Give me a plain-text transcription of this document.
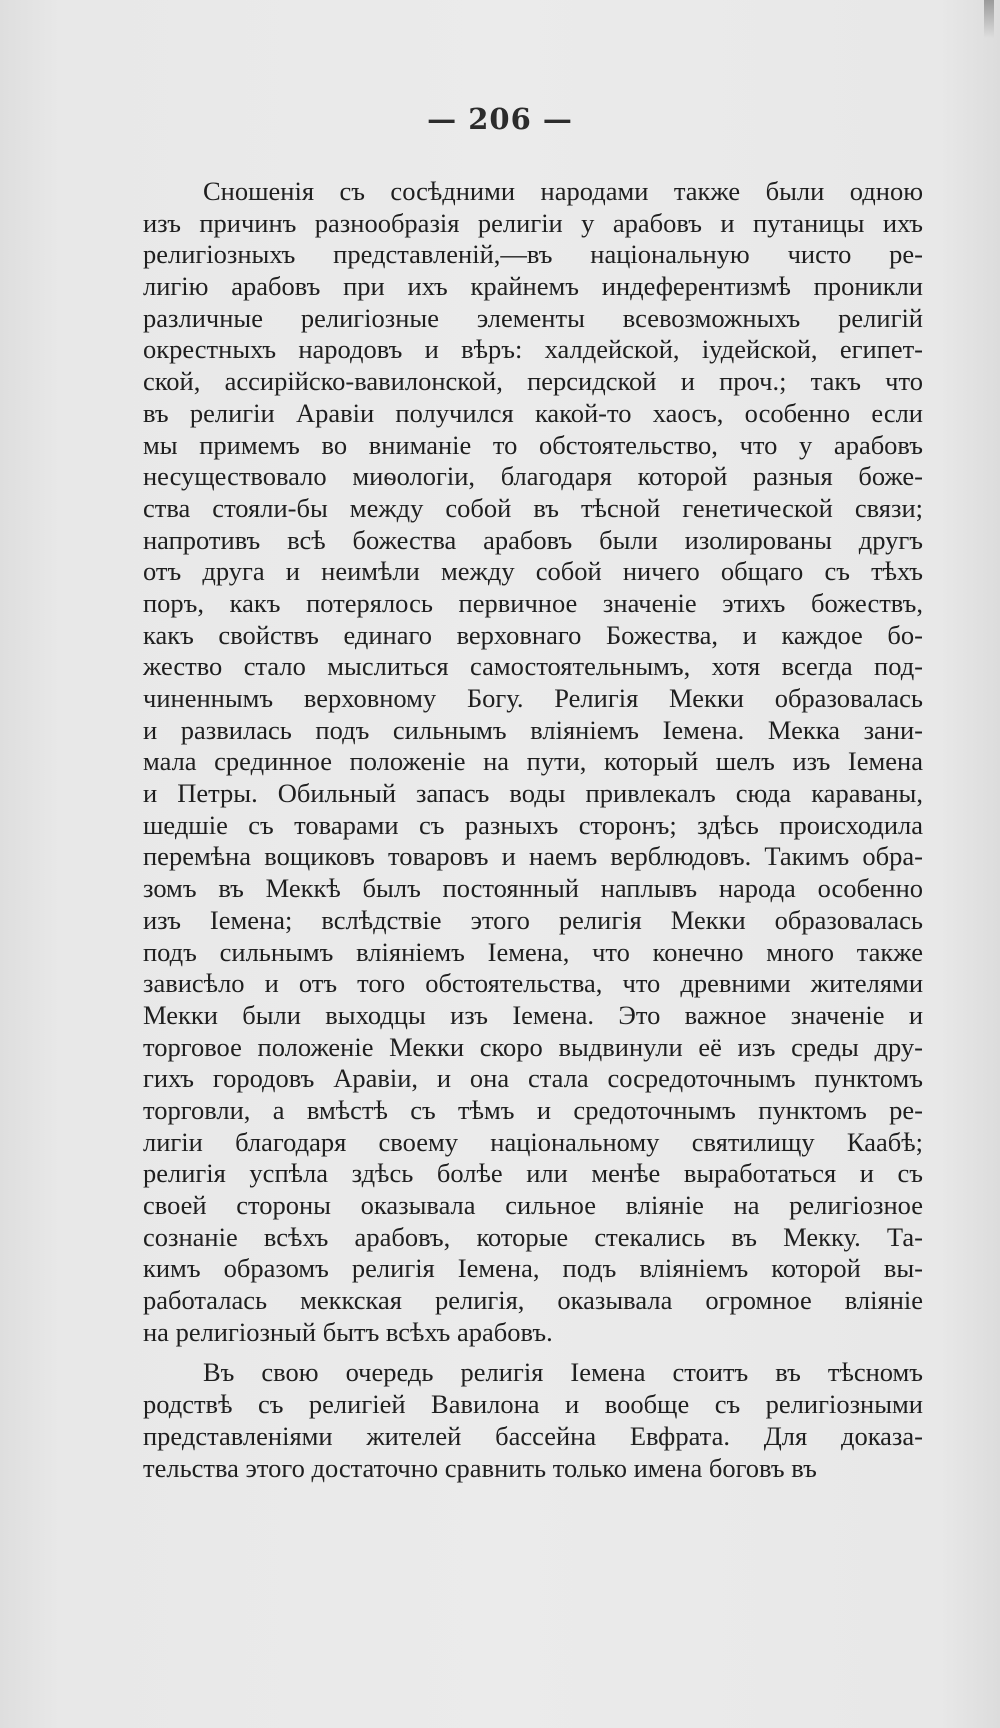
— 206 —
Сношенія съ сосѣдними народами также были одною
изъ причинъ разнообразія религіи у арабовъ и путаницы ихъ
религіозныхъ представленій,—въ національную чисто ре-
лигію арабовъ при ихъ крайнемъ индеферентизмѣ проникли
различные религіозные элементы всевозможныхъ религій
окрестныхъ народовъ и вѣръ: халдейской, іудейской, египет-
ской, ассирійско-вавилонской, персидской и проч.; такъ что
въ религіи Аравіи получился какой-то хаосъ, особенно если
мы примемъ во вниманіе то обстоятельство, что у арабовъ
несуществовало миѳологіи, благодаря которой разныя боже-
ства стояли-бы между собой въ тѣсной генетической связи;
напротивъ всѣ божества арабовъ были изолированы другъ
отъ друга и неимѣли между собой ничего общаго съ тѣхъ
поръ, какъ потерялось первичное значеніе этихъ божествъ,
какъ свойствъ единаго верховнаго Божества, и каждое бо-
жество стало мыслиться самостоятельнымъ, хотя всегда под-
чиненнымъ верховному Богу. Религія Мекки образовалась
и развилась подъ сильнымъ вліяніемъ Іемена. Мекка зани-
мала срединное положеніе на пути, который шелъ изъ Іемена
и Петры. Обильный запасъ воды привлекалъ сюда караваны,
шедшіе съ товарами съ разныхъ сторонъ; здѣсь происходила
перемѣна вощиковъ товаровъ и наемъ верблюдовъ. Такимъ обра-
зомъ въ Меккѣ былъ постоянный наплывъ народа особенно
изъ Іемена; вслѣдствіе этого религія Мекки образовалась
подъ сильнымъ вліяніемъ Іемена, что конечно много также
зависѣло и отъ того обстоятельства, что древними жителями
Мекки были выходцы изъ Іемена. Это важное значеніе и
торговое положеніе Мекки скоро выдвинули её изъ среды дру-
гихъ городовъ Аравіи, и она стала сосредоточнымъ пунктомъ
торговли, а вмѣстѣ съ тѣмъ и средоточнымъ пунктомъ ре-
лигіи благодаря своему національному святилищу Каабѣ;
религія успѣла здѣсь болѣе или менѣе выработаться и съ
своей стороны оказывала сильное вліяніе на религіозное
сознаніе всѣхъ арабовъ, которые стекались въ Мекку. Та-
кимъ образомъ религія Іемена, подъ вліяніемъ которой вы-
работалась меккская религія, оказывала огромное вліяніе
на религіозный бытъ всѣхъ арабовъ.
Въ свою очередь религія Іемена стоитъ въ тѣсномъ
родствѣ съ религіей Вавилона и вообще съ религіозными
представленіями жителей бассейна Евфрата. Для доказа-
тельства этого достаточно сравнить только имена боговъ въ
